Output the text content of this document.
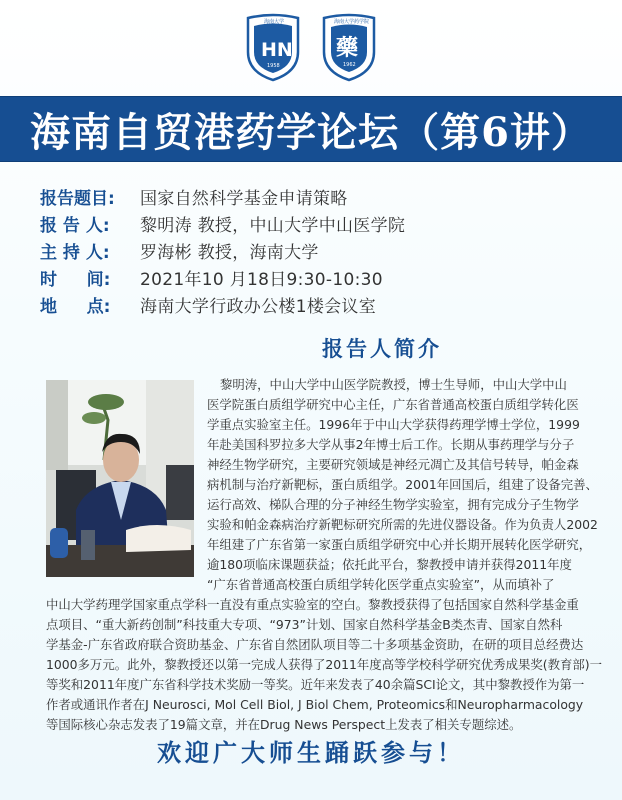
HN
1958
海南大学
藥
1962
海南大学药学院
海南自贸港药学论坛（第6讲）
报告题目:	国家自然科学基金申请策略
报 告 人:	黎明涛 教授，中山大学中山医学院
主 持 人:	罗海彬 教授，海南大学
时     间:	2021年10 月18日9:30-10:30
地     点:	海南大学行政办公楼1楼会议室
报告人简介
黎明涛，中山大学中山医学院教授，博士生导师，中山大学中山
医学院蛋白质组学研究中心主任，广东省普通高校蛋白质组学转化医
学重点实验室主任。1996年于中山大学获得药理学博士学位，1999
年赴美国科罗拉多大学从事2年博士后工作。长期从事药理学与分子
神经生物学研究，主要研究领域是神经元凋亡及其信号转导，帕金森
病机制与治疗新靶标，蛋白质组学。2001年回国后，组建了设备完善、
运行高效、梯队合理的分子神经生物学实验室，拥有完成分子生物学
实验和帕金森病治疗新靶标研究所需的先进仪器设备。作为负责人2002
年组建了广东省第一家蛋白质组学研究中心并长期开展转化医学研究，
逾180项临床课题获益；依托此平台，黎教授申请并获得2011年度
“广东省普通高校蛋白质组学转化医学重点实验室”，从而填补了
中山大学药理学国家重点学科一直没有重点实验室的空白。黎教授获得了包括国家自然科学基金重
点项目、“重大新药创制”科技重大专项、“973”计划、国家自然科学基金B类杰青、国家自然科
学基金-广东省政府联合资助基金、广东省自然团队项目等二十多项基金资助，在研的项目总经费达
1000多万元。此外，黎教授还以第一完成人获得了2011年度高等学校科学研究优秀成果奖(教育部)一
等奖和2011年度广东省科学技术奖励一等奖。近年来发表了40余篇SCI论文，其中黎教授作为第一
作者或通讯作者在J Neurosci, Mol Cell Biol, J Biol Chem, Proteomics和Neuropharmacology
等国际核心杂志发表了19篇文章，并在Drug News Perspect上发表了相关专题综述。
欢迎广大师生踊跃参与！
